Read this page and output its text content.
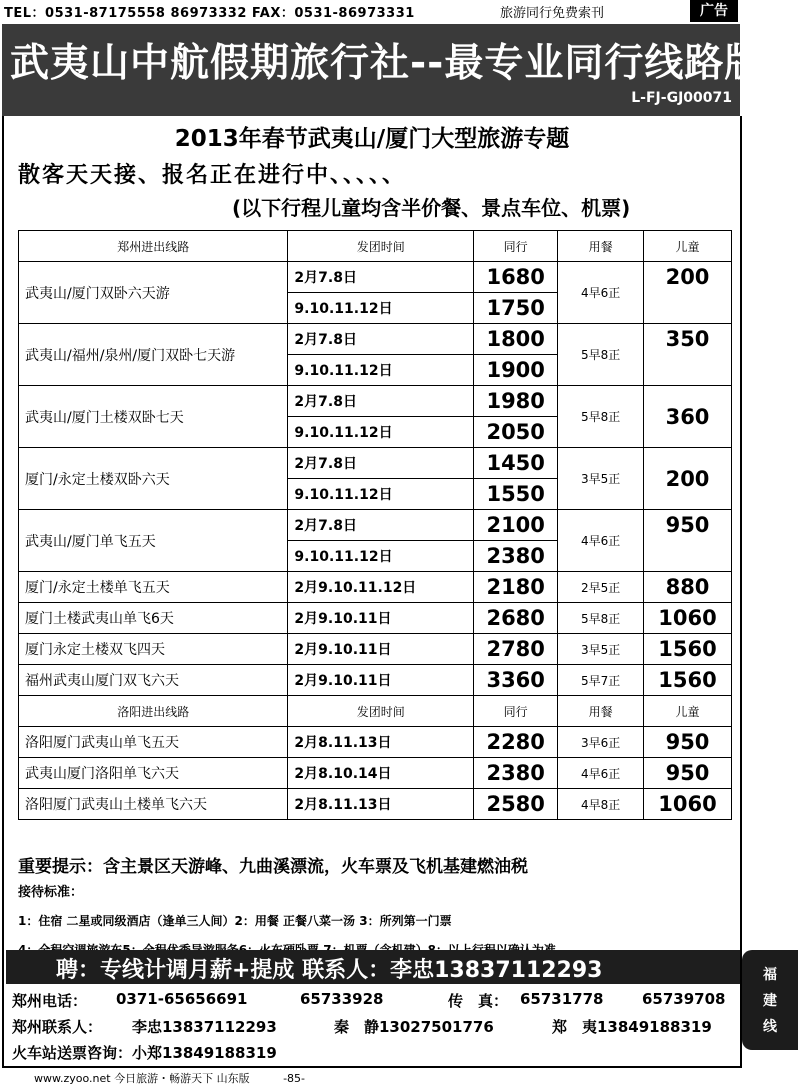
TEL：0531-87175558 86973332 FAX：0531-86973331	旅游同行免费索刊	广告
武夷山中航假期旅行社--最专业同行线路版
L-FJ-GJ00071
2013年春节武夷山/厦门大型旅游专题
散客天天接、报名正在进行中、、、、、
(以下行程儿童均含半价餐、景点车位、机票)
郑州进出线路	发团时间	同行	用餐	儿童
武夷山/厦门双卧六天游	2月7.8日	1680	4早6正	200
	9.10.11.12日	1750		
武夷山/福州/泉州/厦门双卧七天游	2月7.8日	1800	5早8正	350
	9.10.11.12日	1900		
武夷山/厦门土楼双卧七天	2月7.8日	1980	5早8正	360
	9.10.11.12日	2050		
厦门/永定土楼双卧六天	2月7.8日	1450	3早5正	200
	9.10.11.12日	1550		
武夷山/厦门单飞五天	2月7.8日	2100	4早6正	950
	9.10.11.12日	2380		
厦门/永定土楼单飞五天	2月9.10.11.12日	2180	2早5正	880
厦门土楼武夷山单飞6天	2月9.10.11日	2680	5早8正	1060
厦门永定土楼双飞四天	2月9.10.11日	2780	3早5正	1560
福州武夷山厦门双飞六天	2月9.10.11日	3360	5早7正	1560
洛阳进出线路	发团时间	同行	用餐	儿童
洛阳厦门武夷山单飞五天	2月8.11.13日	2280	3早6正	950
武夷山厦门洛阳单飞六天	2月8.10.14日	2380	4早6正	950
洛阳厦门武夷山土楼单飞六天	2月8.11.13日	2580	4早8正	1060
重要提示：含主景区天游峰、九曲溪漂流，火车票及飞机基建燃油税
接待标准：
1：住宿 二星或同级酒店（逢单三人间）2：用餐 正餐八菜一汤 3：所列第一门票
聘：专线计调月薪+提成 联系人：李忠13837112293
郑州电话： 0371-65656691	65733928	传　真： 65731778	65739708
郑州联系人： 李忠13837112293	秦　静13027501776	郑　夷13849188319
火车站送票咨询：小郑13849188319
www.zyoo.net 今日旅游・畅游天下 山东版	-85-
福
建
线
